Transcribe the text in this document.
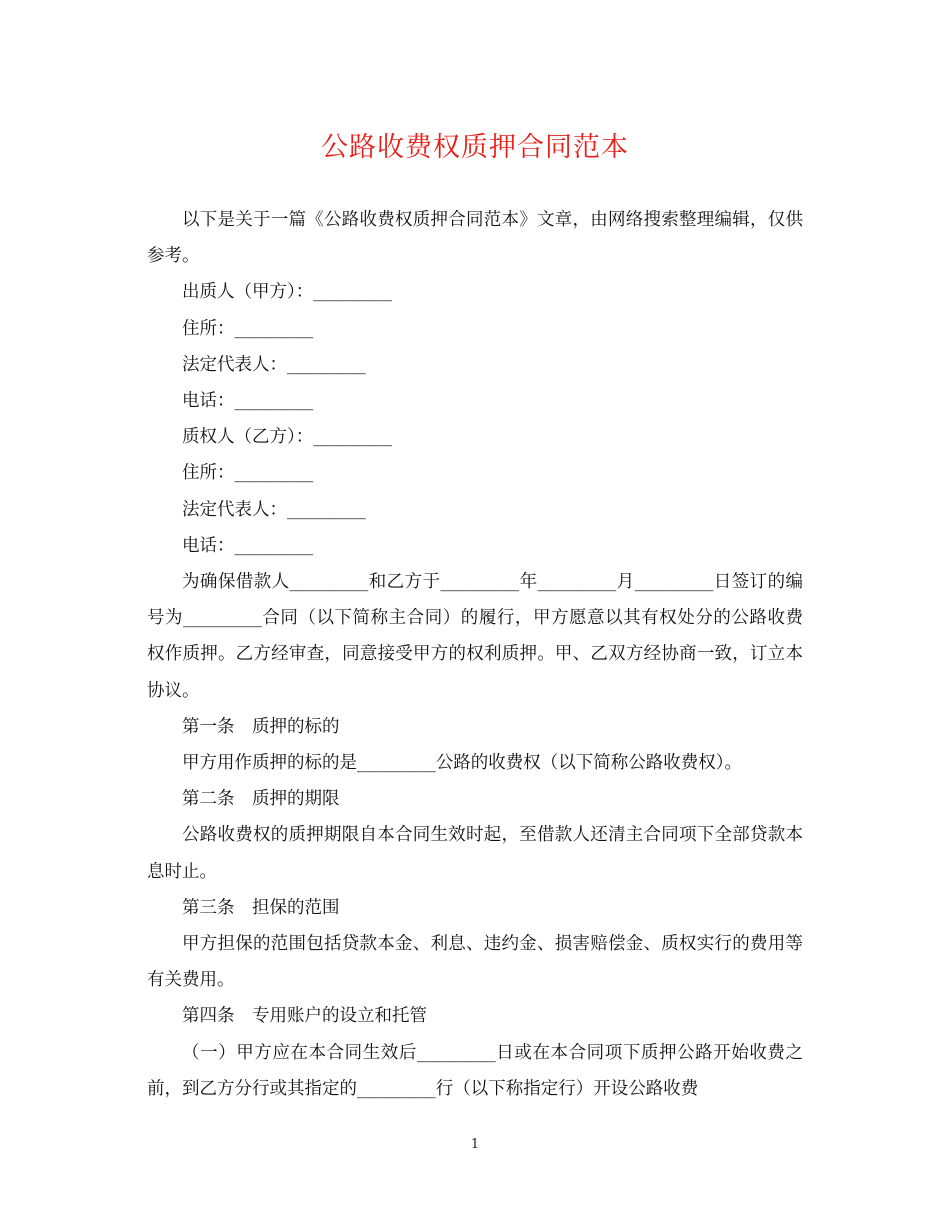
公路收费权质押合同范本

以下是关于一篇《公路收费权质押合同范本》文章，由网络搜索整理编辑，仅供参考。

出质人（甲方）：_________

住所：_________

法定代表人：_________

电话：_________

质权人（乙方）：_________

住所：_________

法定代表人：_________

电话：_________

为确保借款人_________和乙方于_________年_________月_________日签订的编号为_________合同（以下简称主合同）的履行，甲方愿意以其有权处分的公路收费权作质押。乙方经审查，同意接受甲方的权利质押。甲、乙双方经协商一致，订立本协议。

第一条　质押的标的

甲方用作质押的标的是_________公路的收费权（以下简称公路收费权）。

第二条　质押的期限

公路收费权的质押期限自本合同生效时起，至借款人还清主合同项下全部贷款本息时止。

第三条　担保的范围

甲方担保的范围包括贷款本金、利息、违约金、损害赔偿金、质权实行的费用等有关费用。

第四条　专用账户的设立和托管

（一）甲方应在本合同生效后_________日或在本合同项下质押公路开始收费之前，到乙方分行或其指定的_________行（以下称指定行）开设公路收费

1
